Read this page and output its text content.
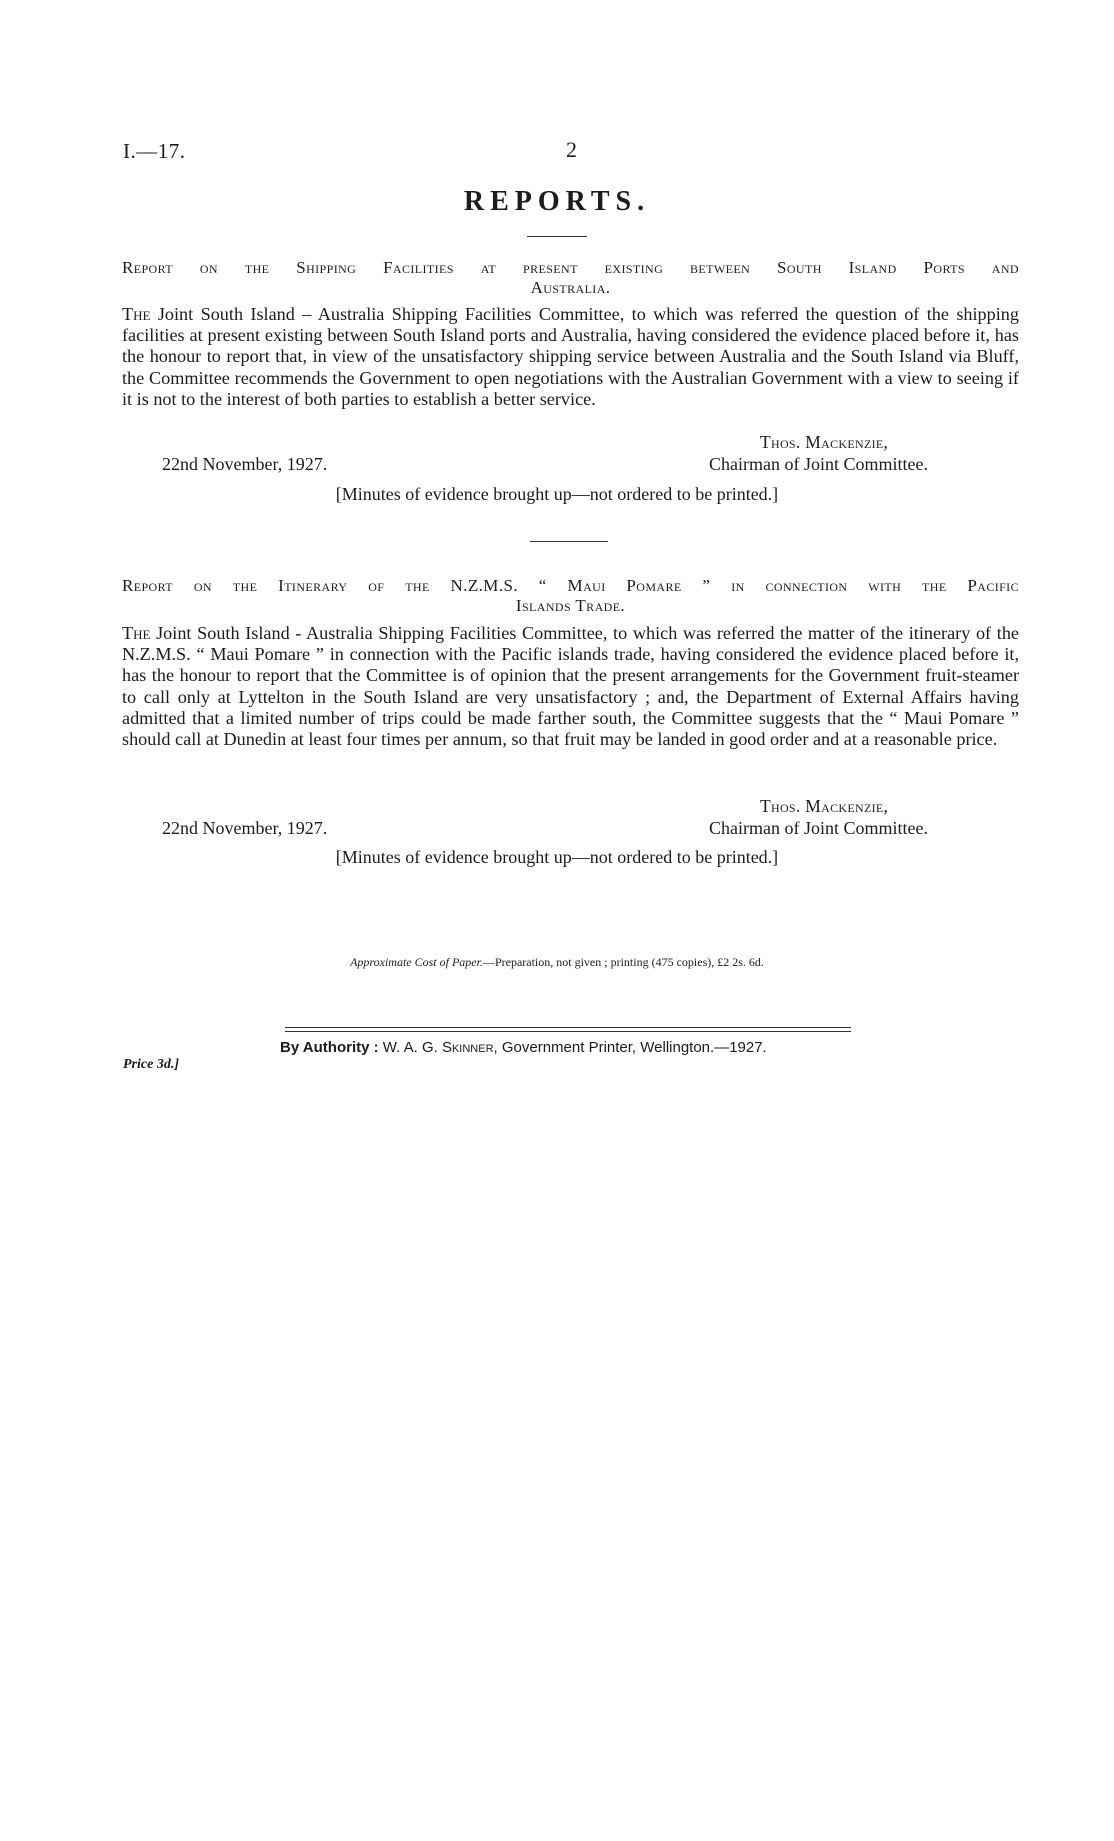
I.—17.	2
REPORTS.
Report on the Shipping Facilities at present existing between South Island Ports and
Australia.
The Joint South Island – Australia Shipping Facilities Committee, to which was referred the question of the shipping facilities at present existing between South Island ports and Australia, having considered the evidence placed before it, has the honour to report that, in view of the unsatisfactory shipping service between Australia and the South Island via Bluff, the Committee recommends the Government to open negotiations with the Australian Government with a view to seeing if it is not to the interest of both parties to establish a better service.
Thos. Mackenzie,
22nd November, 1927.	Chairman of Joint Committee.
[Minutes of evidence brought up—not ordered to be printed.]
Report on the Itinerary of the N.Z.M.S. “ Maui Pomare ” in connection with the Pacific
Islands Trade.
The Joint South Island - Australia Shipping Facilities Committee, to which was referred the matter of the itinerary of the N.Z.M.S. “ Maui Pomare ” in connection with the Pacific islands trade, having considered the evidence placed before it, has the honour to report that the Committee is of opinion that the present arrangements for the Government fruit-steamer to call only at Lyttelton in the South Island are very unsatisfactory ; and, the Department of External Affairs having admitted that a limited number of trips could be made farther south, the Committee suggests that the “ Maui Pomare ” should call at Dunedin at least four times per annum, so that fruit may be landed in good order and at a reasonable price.
Thos. Mackenzie,
22nd November, 1927.	Chairman of Joint Committee.
[Minutes of evidence brought up—not ordered to be printed.]
Approximate Cost of Paper.—Preparation, not given ; printing (475 copies), £2 2s. 6d.
By Authority : W. A. G. Skinner, Government Printer, Wellington.—1927.
Price 3d.]
